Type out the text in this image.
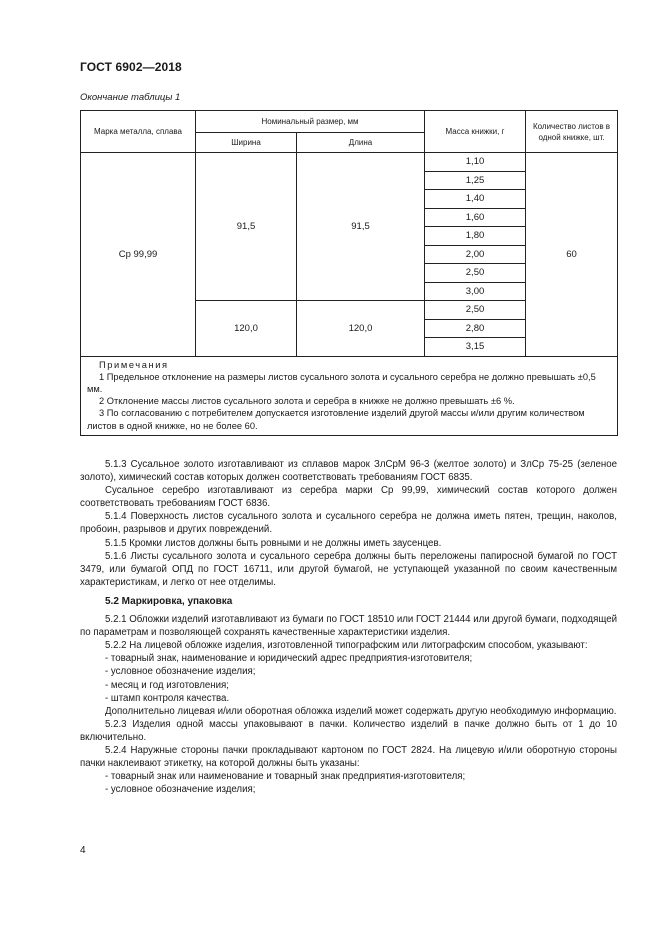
ГОСТ 6902—2018
Окончание таблицы 1
Марка металла, сплава	Номинальный размер, мм		Масса книжки, г	Количество листов в одной книжке, шт.
	Ширина	Длина		
Ср 99,99	91,5	91,5	1,10	60
			1,25	
			1,40	
			1,60	
			1,80	
			2,00	
			2,50	
			3,00	
	120,0	120,0	2,50	
			2,80	
			3,15	

Примечания
1 Предельное отклонение на размеры листов сусального золота и сусального серебра не должно превышать ±0,5 мм.
2 Отклонение массы листов сусального золота и серебра в книжке не должно превышать ±6 %.
3 По согласованию с потребителем допускается изготовление изделий другой массы и/или другим количеством листов в одной книжке, но не более 60.				

5.1.3 Сусальное золото изготавливают из сплавов марок ЗлСрМ 96-3 (желтое золото) и ЗлСр 75-25 (зеленое золото), химический состав которых должен соответствовать требованиям ГОСТ 6835.

Сусальное серебро изготавливают из серебра марки Ср 99,99, химический состав которого должен соответствовать требованиям ГОСТ 6836.

5.1.4 Поверхность листов сусального золота и сусального серебра не должна иметь пятен, трещин, наколов, пробоин, разрывов и других повреждений.

5.1.5 Кромки листов должны быть ровными и не должны иметь заусенцев.

5.1.6 Листы сусального золота и сусального серебра должны быть переложены папиросной бумагой по ГОСТ 3479, или бумагой ОПД по ГОСТ 16711, или другой бумагой, не уступающей указанной по своим качественным характеристикам, и легко от нее отделимы.

5.2 Маркировка, упаковка

5.2.1 Обложки изделий изготавливают из бумаги по ГОСТ 18510 или ГОСТ 21444 или другой бумаги, подходящей по параметрам и позволяющей сохранять качественные характеристики изделия.

5.2.2 На лицевой обложке изделия, изготовленной типографским или литографским способом, указывают:

- товарный знак, наименование и юридический адрес предприятия-изготовителя;

- условное обозначение изделия;

- месяц и год изготовления;

- штамп контроля качества.

Дополнительно лицевая и/или оборотная обложка изделий может содержать другую необходимую информацию.

5.2.3 Изделия одной массы упаковывают в пачки. Количество изделий в пачке должно быть от 1 до 10 включительно.

5.2.4 Наружные стороны пачки прокладывают картоном по ГОСТ 2824. На лицевую и/или оборотную стороны пачки наклеивают этикетку, на которой должны быть указаны:

- товарный знак или наименование и товарный знак предприятия-изготовителя;

- условное обозначение изделия;

4
